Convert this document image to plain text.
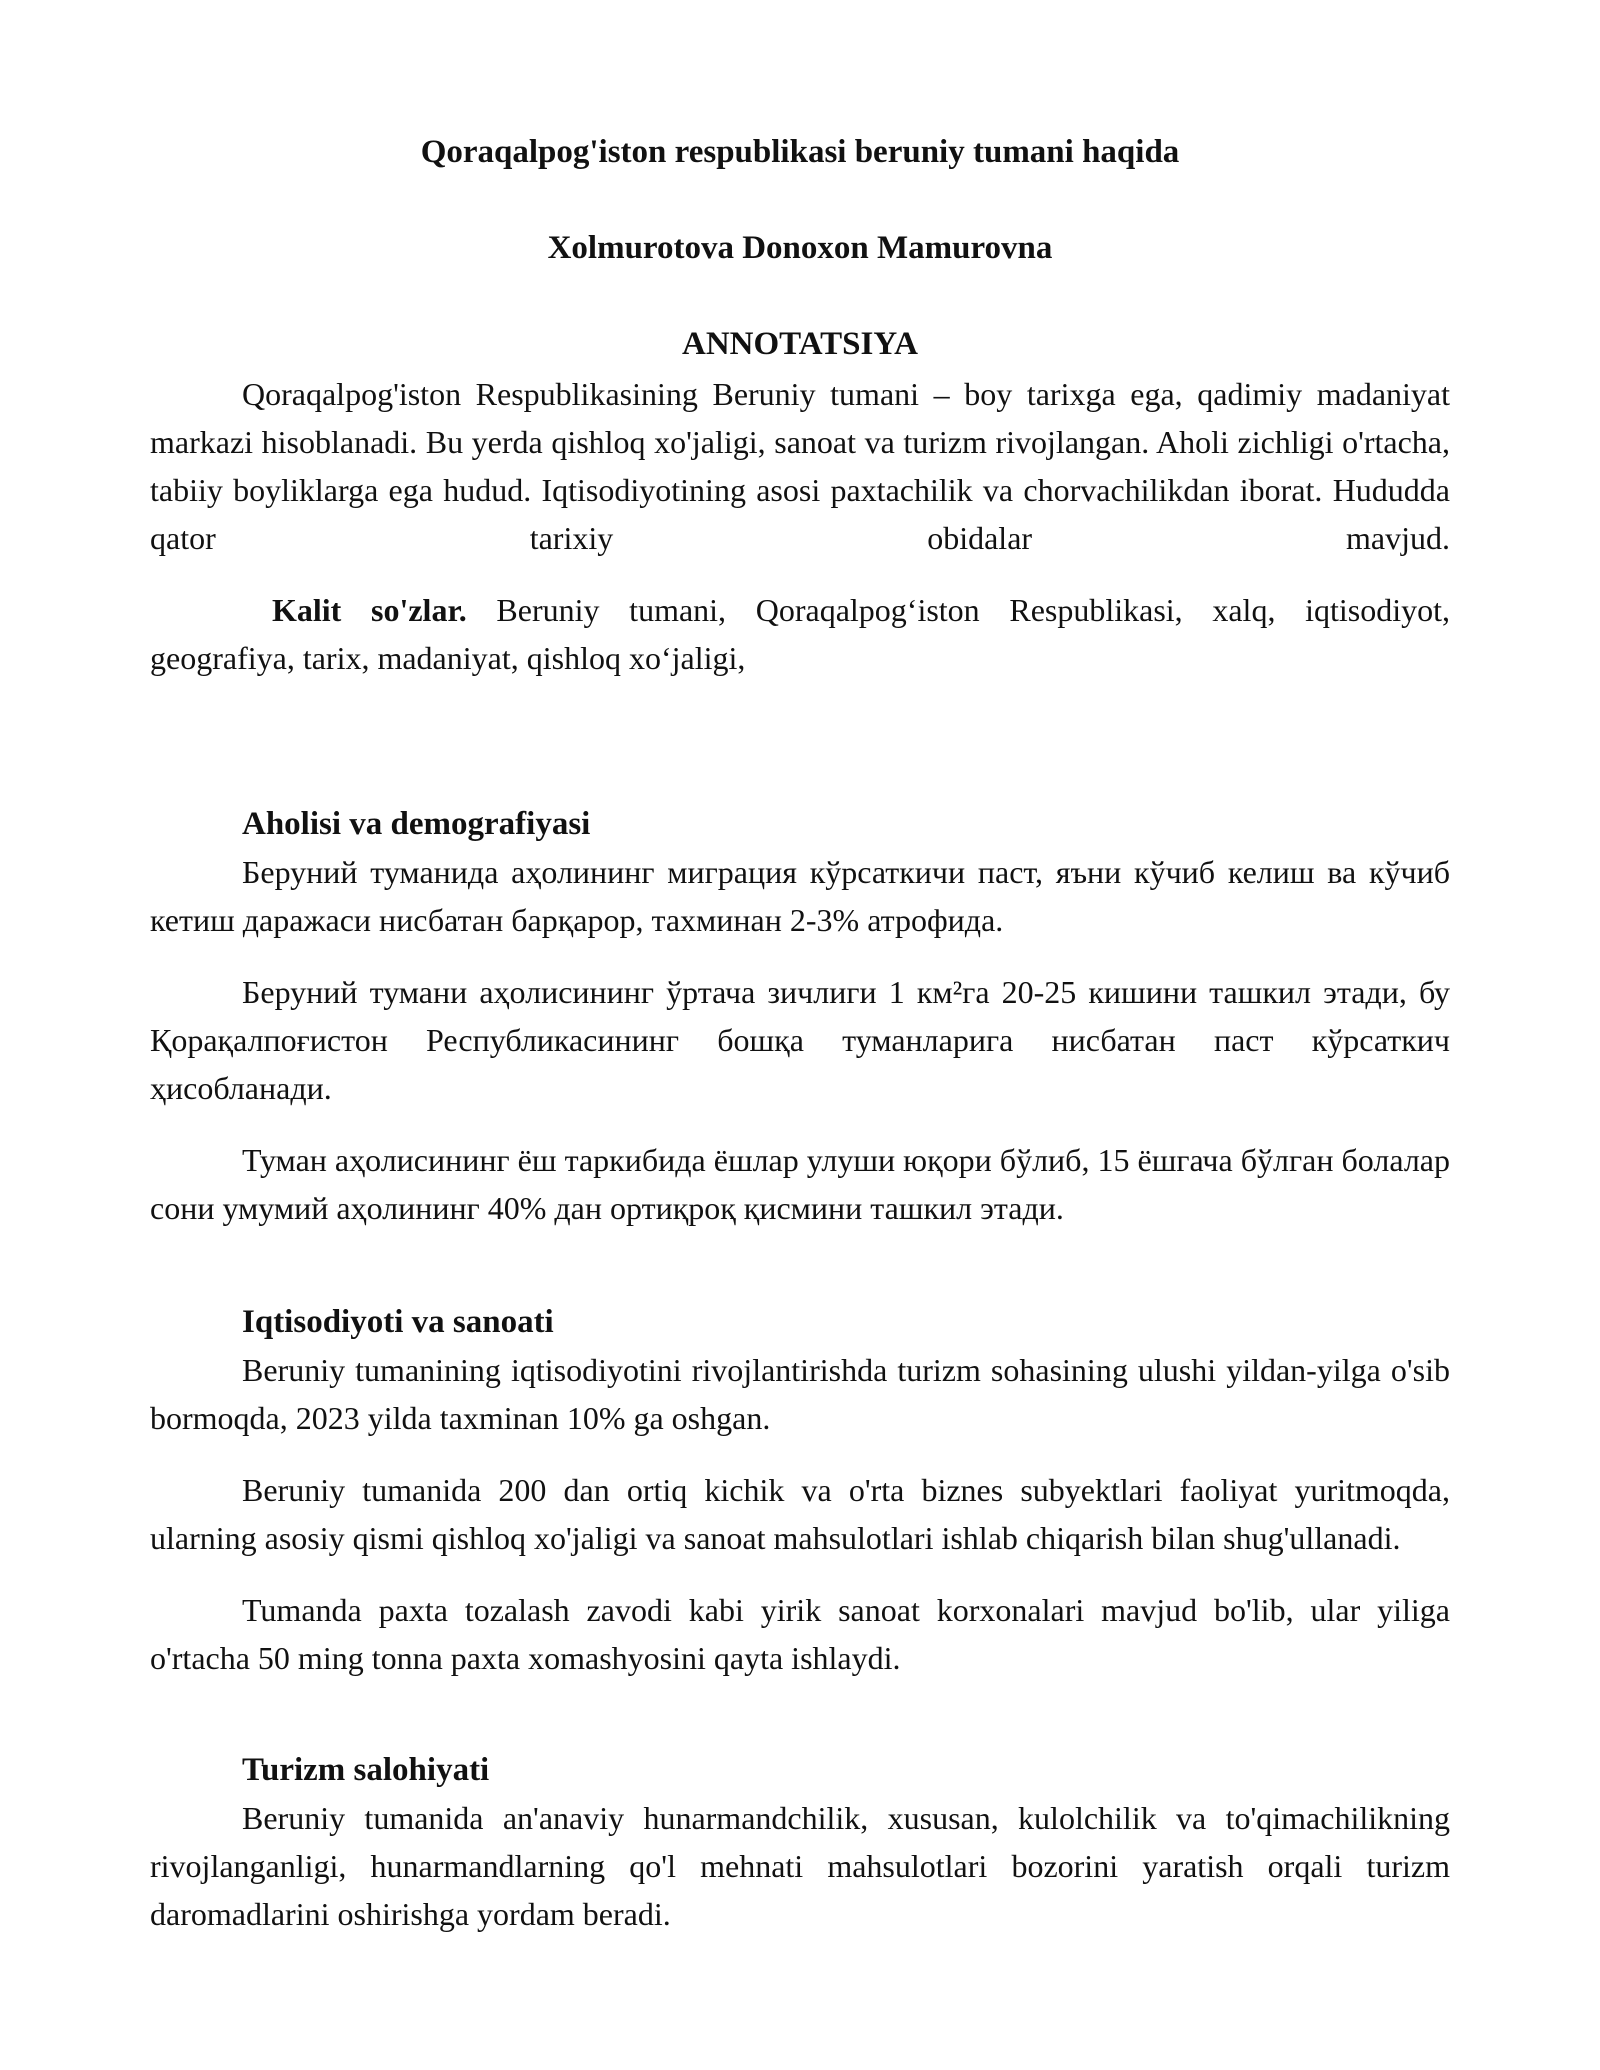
Qoraqalpog'iston respublikasi beruniy tumani haqida
Xolmurotova Donoxon Mamurovna
ANNOTATSIYA

Qoraqalpog'iston Respublikasining Beruniy tumani – boy tarixga ega, qadimiy madaniyat markazi hisoblanadi. Bu yerda qishloq xo'jaligi, sanoat va turizm rivojlangan. Aholi zichligi o'rtacha, tabiiy boyliklarga ega hudud. Iqtisodiyotining asosi paxtachilik va chorvachilikdan iborat. Hududda qator tarixiy obidalar mavjud.

Kalit so'zlar. Beruniy tumani, Qoraqalpog‘iston Respublikasi, xalq, iqtisodiyot, geografiya, tarix, madaniyat, qishloq xo‘jaligi,

Aholisi va demografiyasi

Беруний туманида аҳолининг миграция кўрсаткичи паст, яъни кўчиб келиш ва кўчиб кетиш даражаси нисбатан барқарор, тахминан 2-3% атрофида.

Беруний тумани аҳолисининг ўртача зичлиги 1 км²га 20-25 кишини ташкил этади, бу Қорақалпоғистон Республикасининг бошқа туманларига нисбатан паст кўрсаткич ҳисобланади.

Туман аҳолисининг ёш таркибида ёшлар улуши юқори бўлиб, 15 ёшгача бўлган болалар сони умумий аҳолининг 40% дан ортиқроқ қисмини ташкил этади.

Iqtisodiyoti va sanoati

Beruniy tumanining iqtisodiyotini rivojlantirishda turizm sohasining ulushi yildan-yilga o'sib bormoqda, 2023 yilda taxminan 10% ga oshgan.

Beruniy tumanida 200 dan ortiq kichik va o'rta biznes subyektlari faoliyat yuritmoqda, ularning asosiy qismi qishloq xo'jaligi va sanoat mahsulotlari ishlab chiqarish bilan shug'ullanadi.

Tumanda paxta tozalash zavodi kabi yirik sanoat korxonalari mavjud bo'lib, ular yiliga o'rtacha 50 ming tonna paxta xomashyosini qayta ishlaydi.

Turizm salohiyati

Beruniy tumanida an'anaviy hunarmandchilik, xususan, kulolchilik va to'qimachilikning rivojlanganligi, hunarmandlarning qo'l mehnati mahsulotlari bozorini yaratish orqali turizm daromadlarini oshirishga yordam beradi.
